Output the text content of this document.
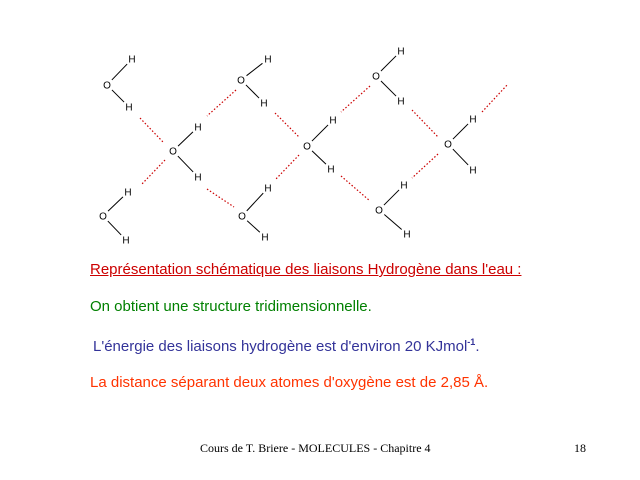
O
H
H
O
H
H
O
H
H
O
H
H
O
H
H
O
H
H
O
H
H
O
H
H
O
H
H
Représentation schématique des liaisons Hydrogène dans l'eau :
On obtient une structure tridimensionnelle.
L'énergie des liaisons hydrogène est d'environ 20 KJmol$^{-1}$.
La distance séparant deux atomes d'oxygène est de 2,85 Å.
Cours de T. Briere - MOLECULES - Chapitre 4	18
